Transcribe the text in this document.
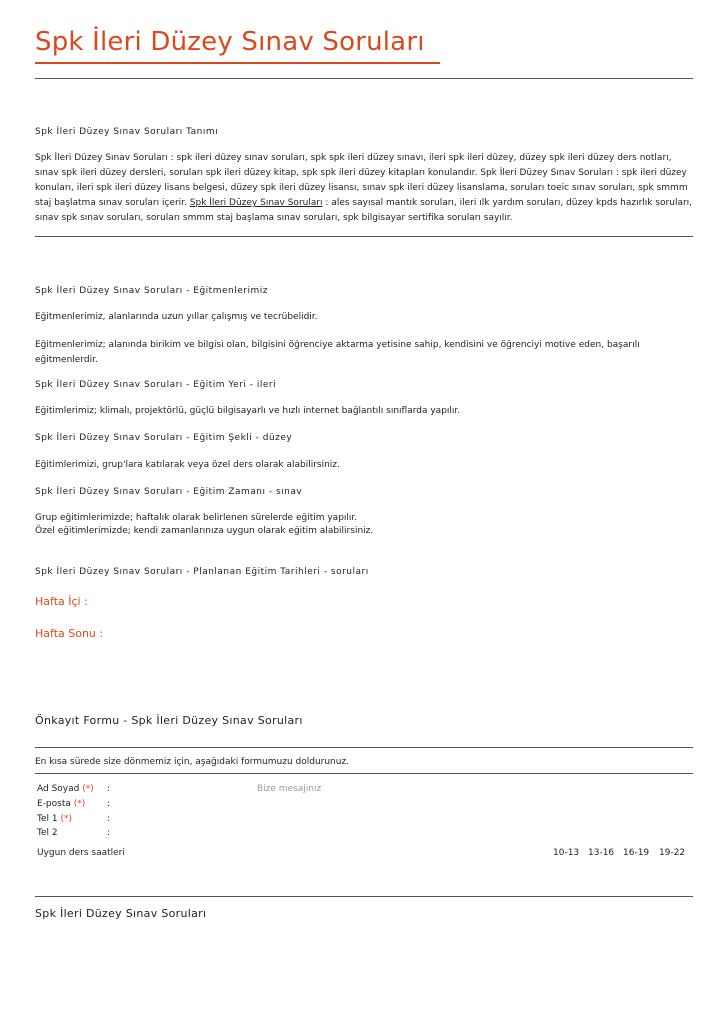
Spk İleri Düzey Sınav Soruları
Spk İleri Düzey Sınav Soruları Tanımı

Spk İleri Düzey Sınav Soruları : spk ileri düzey sınav soruları, spk spk ileri düzey sınavı, ileri spk ileri düzey, düzey spk ileri düzey ders notları, sınav spk ileri düzey dersleri, soruları spk ileri düzey kitap, spk spk ileri düzey kitapları konulandır. Spk İleri Düzey Sınav Soruları : spk ileri düzey konuları, ileri spk ileri düzey lisans belgesi, düzey spk ileri düzey lisansı, sınav spk ileri düzey lisanslama, soruları toeic sınav soruları, spk smmm staj başlatma sınav soruları içerir. Spk İleri Düzey Sınav Soruları : ales sayısal mantık soruları, ileri ılk yardım soruları, düzey kpds hazırlık soruları, sınav spk sınav soruları, soruları smmm staj başlama sınav soruları, spk bilgisayar sertifika soruları sayılır.

Spk İleri Düzey Sınav Soruları - Eğitmenlerimiz

Eğitmenlerimiz, alanlarında uzun yıllar çalışmış ve tecrübelidir.

Eğitmenlerimiz; alanında birikim ve bilgisi olan, bilgisini öğrenciye aktarma yetisine sahip, kendisini ve öğrenciyi motive eden, başarılı eğitmenlerdir.

Spk İleri Düzey Sınav Soruları - Eğitim Yeri - ileri

Eğitimlerimiz; klimalı, projektörlü, güçlü bilgisayarlı ve hızlı internet bağlantılı sınıflarda yapılır.

Spk İleri Düzey Sınav Soruları - Eğitim Şekli - düzey

Eğitimlerimizi, grup'lara katılarak veya özel ders olarak alabilirsiniz.

Spk İleri Düzey Sınav Soruları - Eğitim Zamanı - sınav

Grup eğitimlerimizde; haftalık olarak belirlenen sürelerde eğitim yapılır.

Özel eğitimlerimizde; kendi zamanlarınıza uygun olarak eğitim alabilirsiniz.

Spk İleri Düzey Sınav Soruları - Planlanan Eğitim Tarihleri - soruları

Hafta İçi :

Hafta Sonu :

Önkayıt Formu - Spk İleri Düzey Sınav Soruları

En kısa sürede size dönmemiz için, aşağıdaki formumuzu doldurunuz.

Ad Soyad (*) :
E-posta (*) :
Tel 1 (*)	:
Tel 2	:
Bize mesajınız
Uygun ders saatleri	10-13 13-16 16-19 19-22
Spk İleri Düzey Sınav Soruları
